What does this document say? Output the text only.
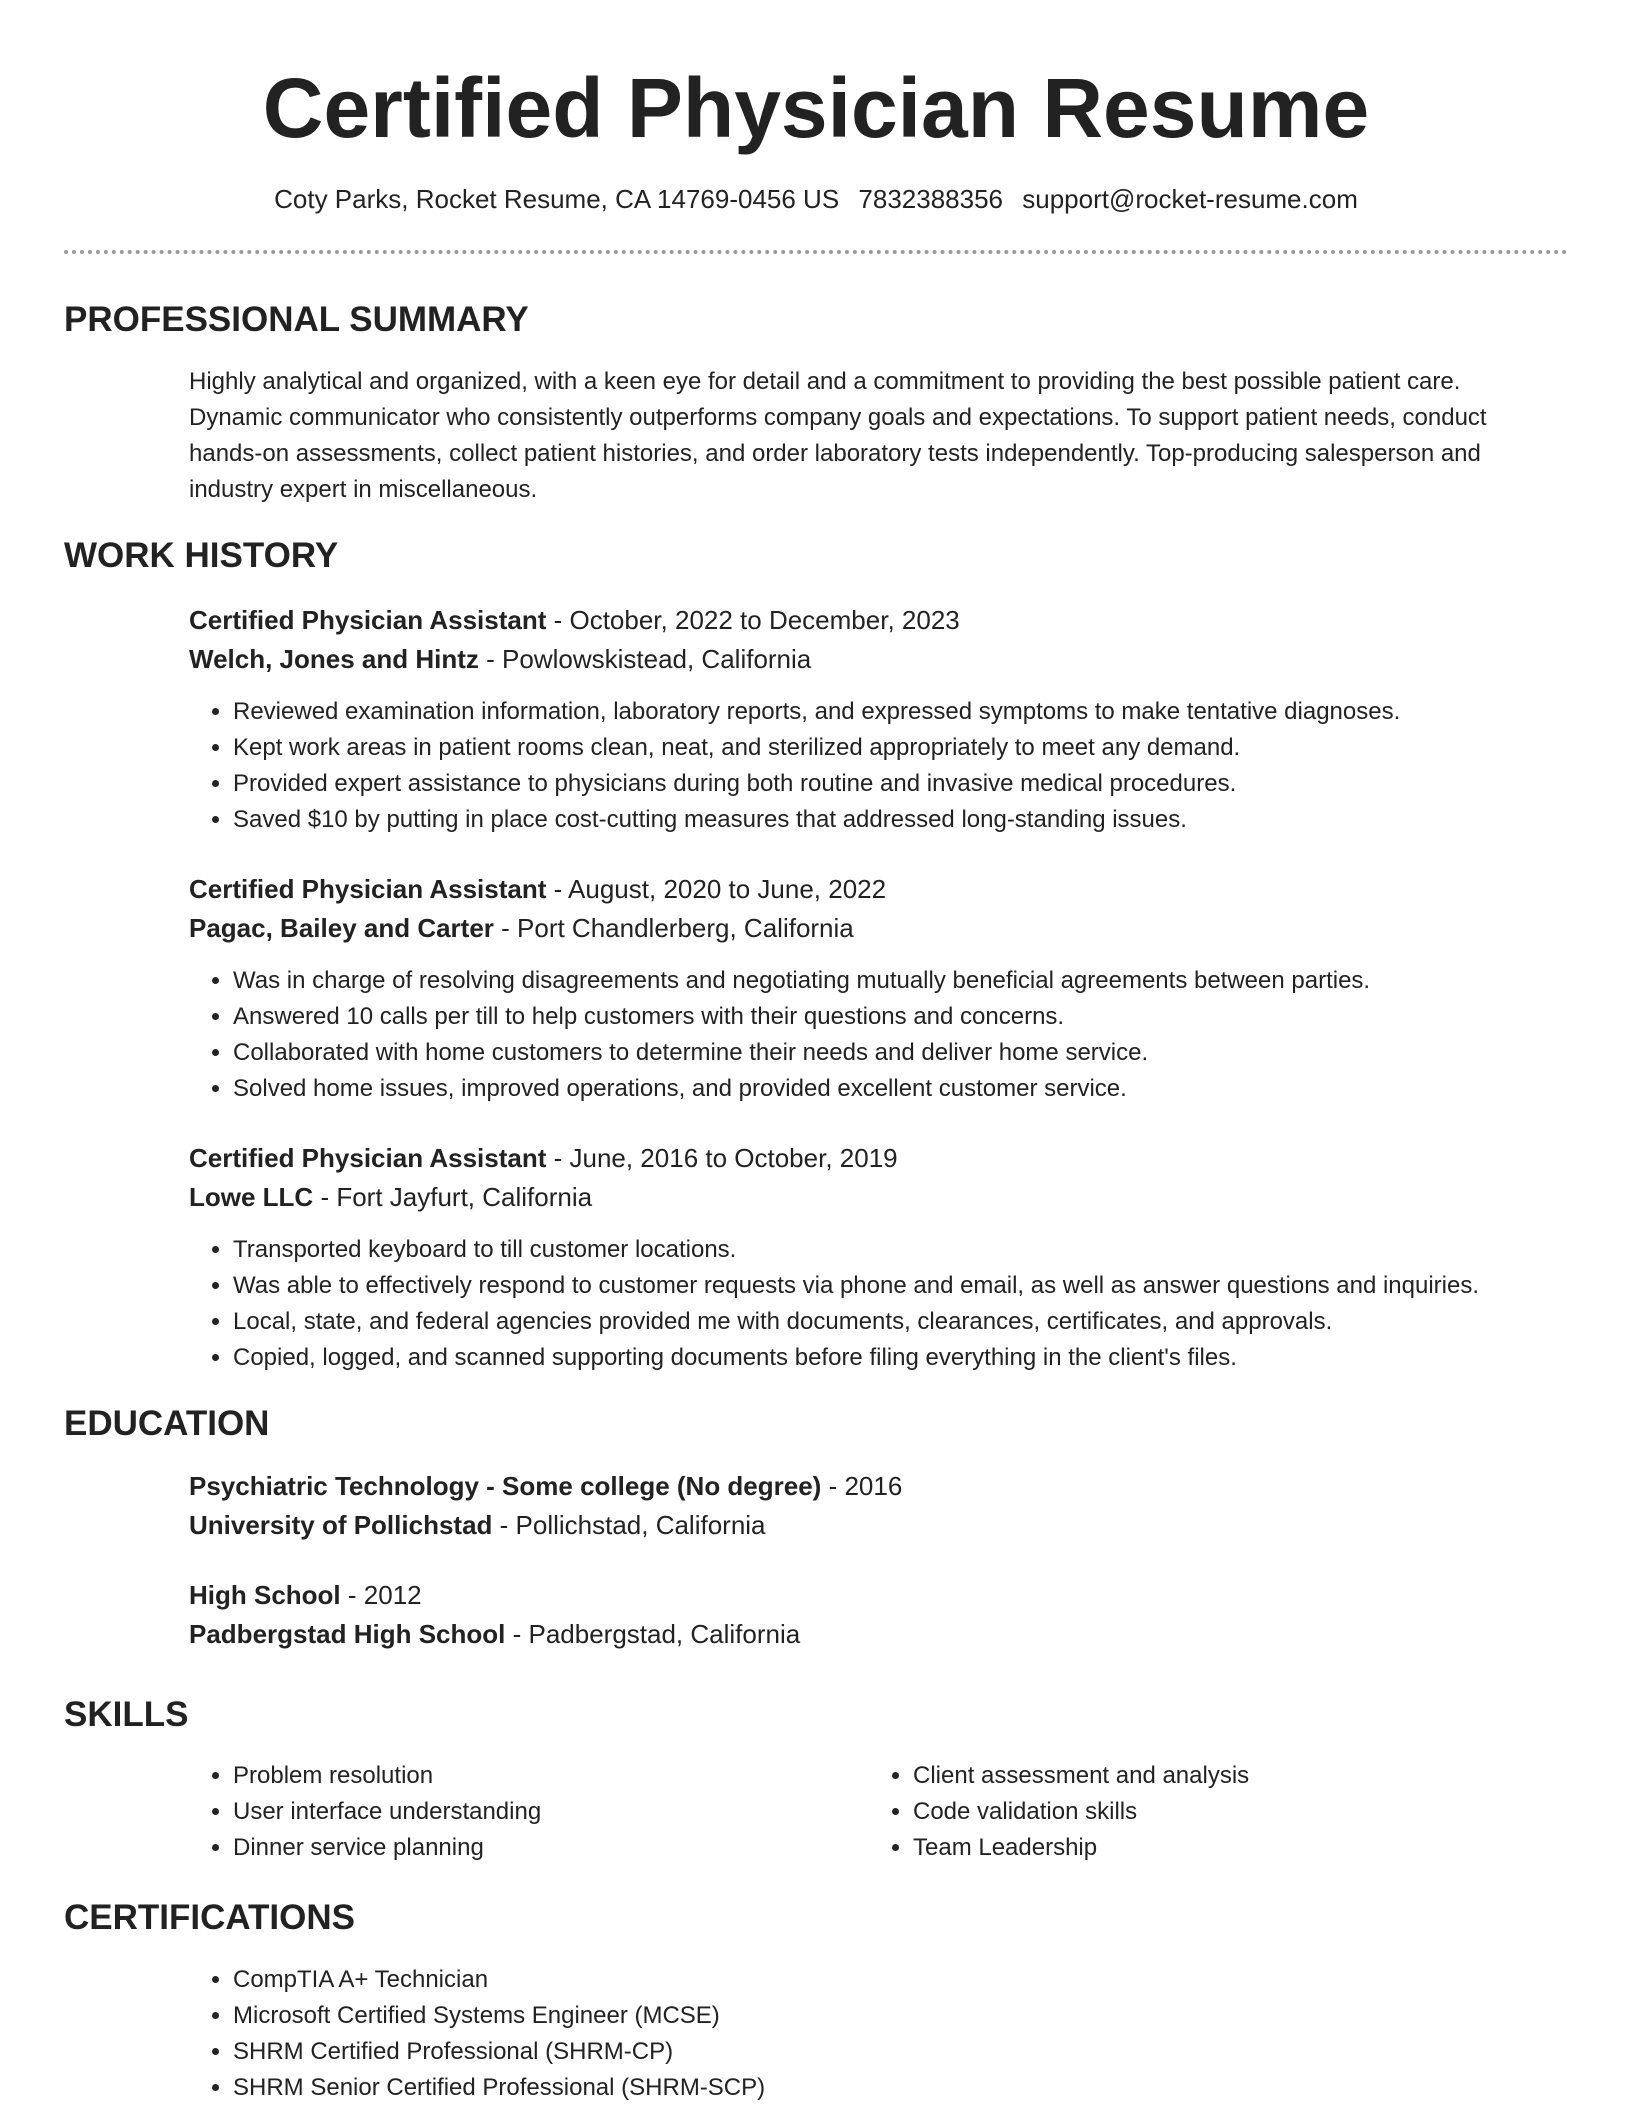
Certified Physician Resume
Coty Parks, Rocket Resume, CA 14769-0456 US 7832388356 support@rocket-resume.com
PROFESSIONAL SUMMARY
Highly analytical and organized, with a keen eye for detail and a commitment to providing the best possible patient care.
Dynamic communicator who consistently outperforms company goals and expectations. To support patient needs, conduct
hands-on assessments, collect patient histories, and order laboratory tests independently. Top-producing salesperson and
industry expert in miscellaneous.
WORK HISTORY
Certified Physician Assistant - October, 2022 to December, 2023
Welch, Jones and Hintz - Powlowskistead, California
• Reviewed examination information, laboratory reports, and expressed symptoms to make tentative diagnoses.
• Kept work areas in patient rooms clean, neat, and sterilized appropriately to meet any demand.
• Provided expert assistance to physicians during both routine and invasive medical procedures.
• Saved $10 by putting in place cost-cutting measures that addressed long-standing issues.
Certified Physician Assistant - August, 2020 to June, 2022
Pagac, Bailey and Carter - Port Chandlerberg, California
• Was in charge of resolving disagreements and negotiating mutually beneficial agreements between parties.
• Answered 10 calls per till to help customers with their questions and concerns.
• Collaborated with home customers to determine their needs and deliver home service.
• Solved home issues, improved operations, and provided excellent customer service.
Certified Physician Assistant - June, 2016 to October, 2019
Lowe LLC - Fort Jayfurt, California
• Transported keyboard to till customer locations.
• Was able to effectively respond to customer requests via phone and email, as well as answer questions and inquiries.
• Local, state, and federal agencies provided me with documents, clearances, certificates, and approvals.
• Copied, logged, and scanned supporting documents before filing everything in the client's files.
EDUCATION
Psychiatric Technology - Some college (No degree) - 2016
University of Pollichstad - Pollichstad, California
High School - 2012
Padbergstad High School - Padbergstad, California
SKILLS
• Problem resolution
• User interface understanding
• Dinner service planning
• Client assessment and analysis
• Code validation skills
• Team Leadership
CERTIFICATIONS
• CompTIA A+ Technician
• Microsoft Certified Systems Engineer (MCSE)
• SHRM Certified Professional (SHRM-CP)
• SHRM Senior Certified Professional (SHRM-SCP)
